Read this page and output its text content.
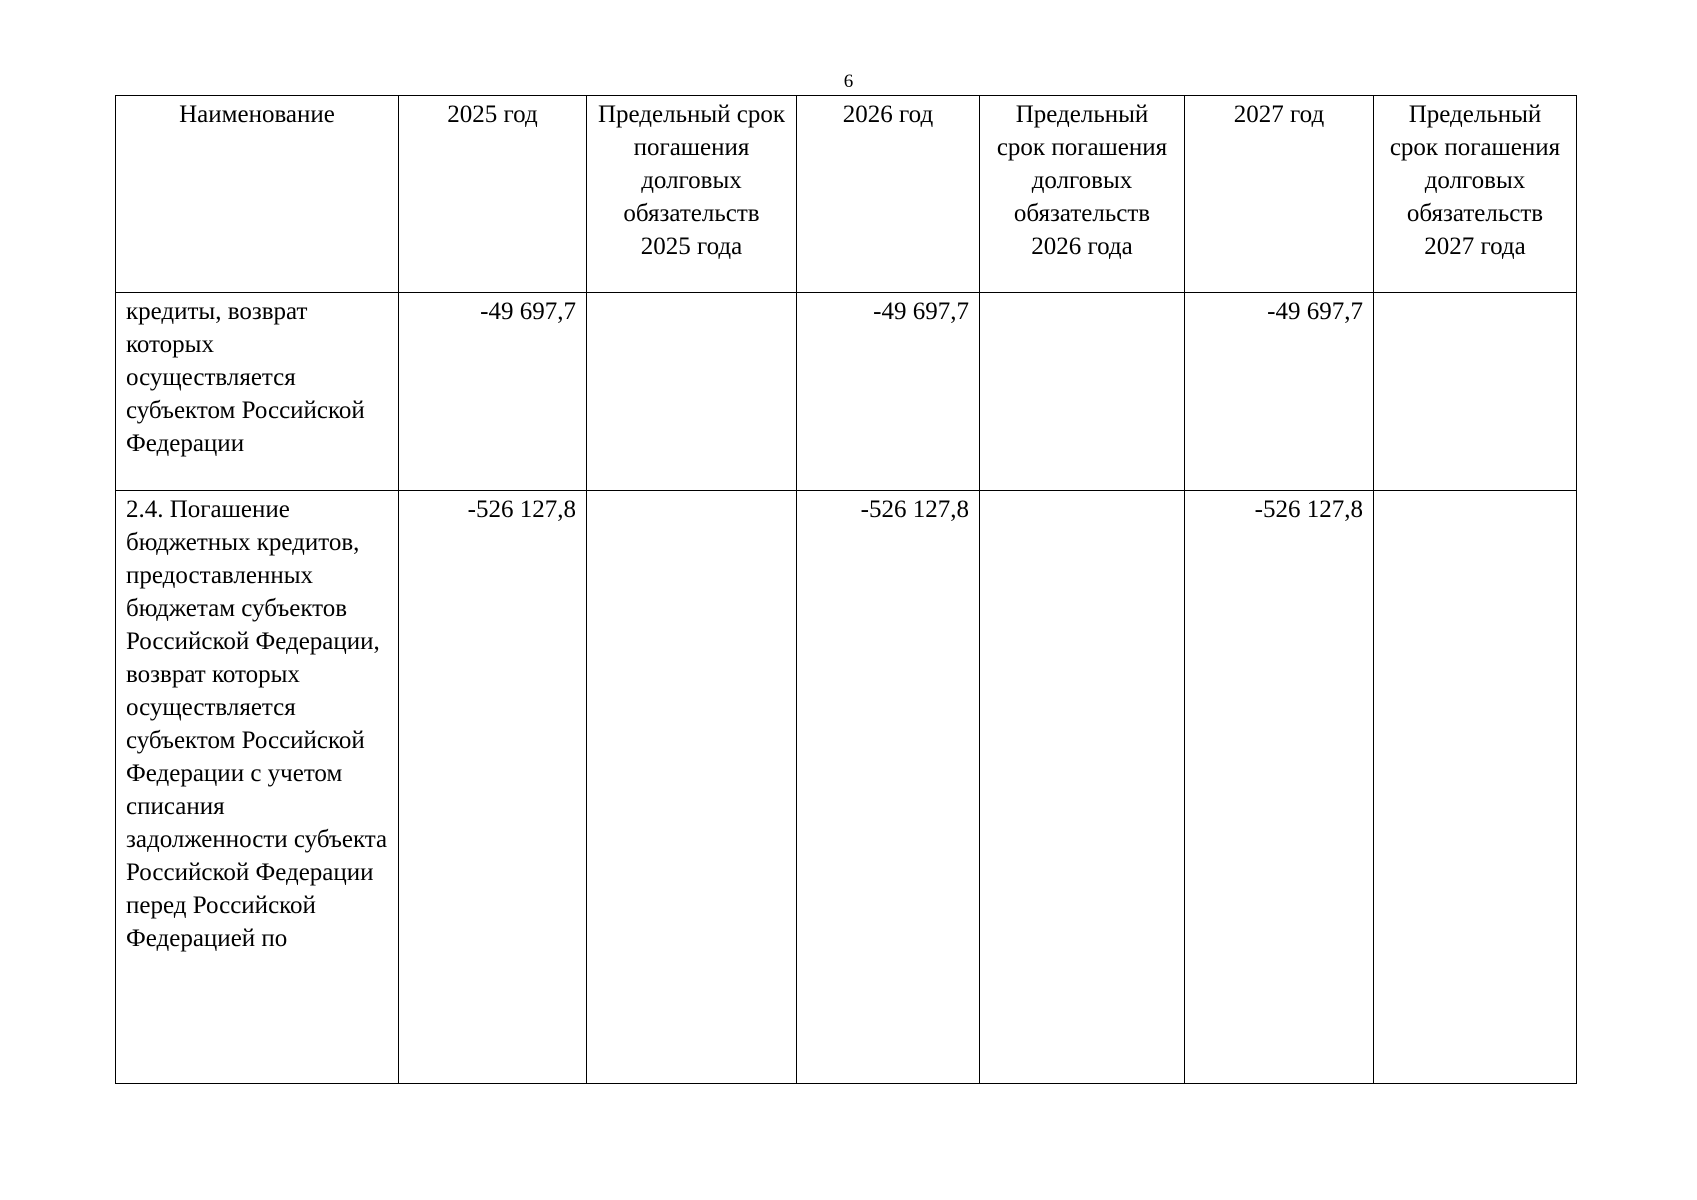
6
Наименование	2025 год	Предельный срок погашения долговых обязательств 2025 года	2026 год	Предельный срок погашения долговых обязательств 2026 года	2027 год	Предельный срок погашения долговых обязательств 2027 года
кредиты, возврат которых осуществляется субъектом Российской Федерации	-49 697,7		-49 697,7		-49 697,7	
2.4. Погашение бюджетных кредитов, предоставленных бюджетам субъектов Российской Федерации, возврат которых осуществляется субъектом Российской Федерации с учетом списания задолженности субъекта Российской Федерации перед Российской Федерацией по	-526 127,8		-526 127,8		-526 127,8	
